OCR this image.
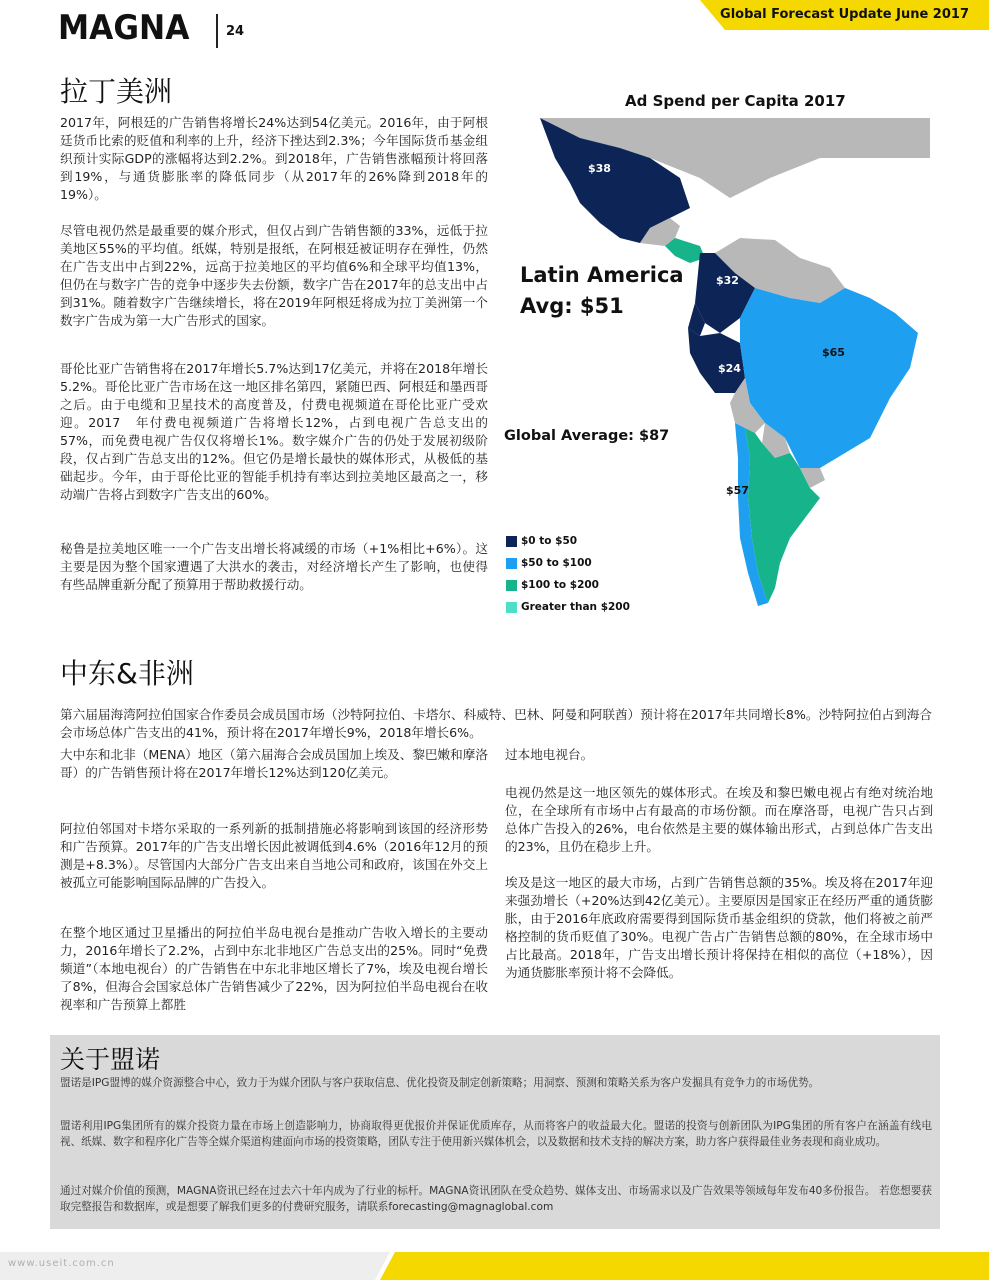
MAGNA	24
Global Forecast Update June 2017
拉丁美洲
2017年，阿根廷的广告销售将增长24%达到54亿美元。2016年，由于阿根廷货币比索的贬值和利率的上升，经济下挫达到2.3%；今年国际货币基金组织预计实际GDP的涨幅将达到2.2%。到2018年，广告销售涨幅预计将回落到19%，与通货膨胀率的降低同步（从2017年的26%降到2018年的19%）。
尽管电视仍然是最重要的媒介形式，但仅占到广告销售额的33%，远低于拉美地区55%的平均值。纸媒，特别是报纸，在阿根廷被证明存在弹性，仍然在广告支出中占到22%，远高于拉美地区的平均值6%和全球平均值13%，但仍在与数字广告的竞争中逐步失去份额，数字广告在2017年的总支出中占到31%。随着数字广告继续增长，将在2019年阿根廷将成为拉丁美洲第一个数字广告成为第一大广告形式的国家。
哥伦比亚广告销售将在2017年增长5.7%达到17亿美元，并将在2018年增长5.2%。哥伦比亚广告市场在这一地区排名第四，紧随巴西、阿根廷和墨西哥之后。由于电缆和卫星技术的高度普及，付费电视频道在哥伦比亚广受欢迎。2017　年付费电视频道广告将增长12%，占到电视广告总支出的57%，而免费电视广告仅仅将增长1%。数字媒介广告的仍处于发展初级阶段，仅占到广告总支出的12%。但它仍是增长最快的媒体形式，从极低的基础起步。今年，由于哥伦比亚的智能手机持有率达到拉美地区最高之一，移动端广告将占到数字广告支出的60%。
秘鲁是拉美地区唯一一个广告支出增长将减缓的市场（+1%相比+6%）。这主要是因为整个国家遭遇了大洪水的袭击，对经济增长产生了影响，也使得有些品牌重新分配了预算用于帮助救援行动。
Ad Spend per Capita 2017
Latin America
Avg: $51
Global Average: $87
$38
$32
$24
$65
$57
$0 to $50
$50 to $100
$100 to $200
Greater than $200
中东&非洲
第六届届海湾阿拉伯国家合作委员会成员国市场（沙特阿拉伯、卡塔尔、科威特、巴林、阿曼和阿联酋）预计将在2017年共同增长8%。沙特阿拉伯占到海合会市场总体广告支出的41%，预计将在2017年增长9%，2018年增长6%。
大中东和北非（MENA）地区（第六届海合会成员国加上埃及、黎巴嫩和摩洛哥）的广告销售预计将在2017年增长12%达到120亿美元。
阿拉伯邻国对卡塔尔采取的一系列新的抵制措施必将影响到该国的经济形势和广告预算。2017年的广告支出增长因此被调低到4.6%（2016年12月的预测是+8.3%）。尽管国内大部分广告支出来自当地公司和政府，该国在外交上被孤立可能影响国际品牌的广告投入。
在整个地区通过卫星播出的阿拉伯半岛电视台是推动广告收入增长的主要动力，2016年增长了2.2%，占到中东北非地区广告总支出的25%。同时“免费频道”（本地电视台）的广告销售在中东北非地区增长了7%，埃及电视台增长了8%，但海合会国家总体广告销售减少了22%，因为阿拉伯半岛电视台在收视率和广告预算上都胜
过本地电视台。
电视仍然是这一地区领先的媒体形式。在埃及和黎巴嫩电视占有绝对统治地位，在全球所有市场中占有最高的市场份额。而在摩洛哥，电视广告只占到总体广告投入的26%，电台依然是主要的媒体输出形式，占到总体广告支出的23%，且仍在稳步上升。
埃及是这一地区的最大市场，占到广告销售总额的35%。埃及将在2017年迎来强劲增长（+20%达到42亿美元）。主要原因是国家正在经历严重的通货膨胀，由于2016年底政府需要得到国际货币基金组织的贷款，他们将被之前严格控制的货币贬值了30%。电视广告占广告销售总额的80%，在全球市场中占比最高。2018年，广告支出增长预计将保持在相似的高位（+18%），因为通货膨胀率预计将不会降低。
关于盟诺
盟诺是IPG盟博的媒介资源整合中心，致力于为媒介团队与客户获取信息、优化投资及制定创新策略；用洞察、预测和策略关系为客户发掘具有竞争力的市场优势。
盟诺利用IPG集团所有的媒介投资力量在市场上创造影响力，协商取得更优报价并保证优质库存，从而将客户的收益最大化。盟诺的投资与创新团队为IPG集团的所有客户在涵盖有线电视、纸媒、数字和程序化广告等全媒介渠道构建面向市场的投资策略，团队专注于使用新兴媒体机会，以及数据和技术支持的解决方案，助力客户获得最佳业务表现和商业成功。
通过对媒介价值的预测，MAGNA资讯已经在过去六十年内成为了行业的标杆。MAGNA资讯团队在受众趋势、媒体支出、市场需求以及广告效果等领域每年发布40多份报告。 若您想要获取完整报告和数据库，或是想要了解我们更多的付费研究服务，请联系forecasting@magnaglobal.com
www.useit.com.cn
